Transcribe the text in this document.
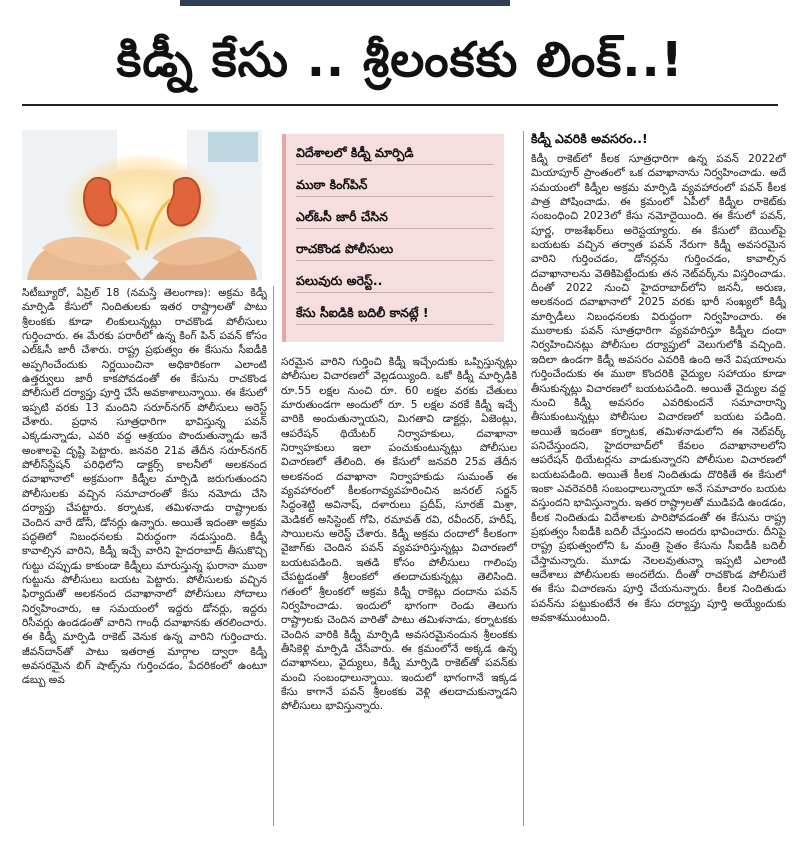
కిడ్నీ కేసు .. శ్రీలంకకు లింక్..!
విదేశాలలో కిడ్నీ మార్పిడి
ముఠా కింగ్‌పిన్
ఎల్‌ఓసీ జారీ చేసిన
రాచకొండ పోలీసులు
పలువురు అరెస్ట్..
కేసు సీఐడికి బదిలీ కానట్లే !

సిటీబ్యూరో, ఏప్రిల్ 18 (నమస్తే తెలంగాణ): అక్రమ కిడ్నీ మార్పిడి కేసులో నిందితులకు ఇతర రాష్ట్రాలతో పాటు శ్రీలంకకు కూడా లింకులున్నట్లు రాచకొండ పోలీసులు గుర్తించారు. ఈ మేరకు పరారీలో ఉన్న కింగ్ పిన్ పవన్ కోసం ఎల్‌ఓసీ జారీ చేశారు. రాష్ట్ర ప్రభుత్వం ఈ కేసును సీఐడీకి అప్పగించేందుకు నిర్ణయించినా అధికారికంగా ఎలాంటి ఉత్తర్వులు జారీ కాకపోవడంతో ఈ కేసును రాచకొండ పోలీసులే దర్యాప్తు పూర్తి చేసే అవకాశాలున్నాయి. ఈ కేసులో ఇప్పటి వరకు 13 మందిని సరూర్‌నగర్ పోలీసులు అరెస్ట్ చేశారు. ప్రధాన సూత్రధారిగా భావిస్తున్న పవన్ ఎక్కడున్నాడు, ఎవరి వద్ద ఆశ్రయం పొందుతున్నాడు అనే అంశాలపై దృష్టి పెట్టారు. జనవరి 21వ తేదీన సరూర్‌నగర్ పోలీస్‌స్టేషన్ పరిధిలోని డాక్టర్స్ కాలనీలో అలకనంద దవాఖానాలో అక్రమంగా కిడ్నీల మార్పిడి జరుగుతుందని పోలీసులకు వచ్చిన సమాచారంతో కేసు నమోదు చేసి దర్యాప్తు చేపట్టారు. కర్నాటక, తమిళనాడు రాష్ట్రాలకు చెందిన వారే డోనీ, డోనర్లు ఉన్నారు. అయితే ఇదంతా అక్రమ పద్ధతిలో నిబంధనలకు విరుద్ధంగా నడుస్తుంది. కిడ్నీ కావాల్సిన వారిని, కిడ్నీ ఇచ్చే వారిని హైదరాబాద్ తీసుకొచ్చి గుట్టు చప్పుడు కాకుండా కిడ్నీలు మారుస్తున్న ఘరానా ముఠా గుట్టును పోలీసులు బయట పెట్టారు. పోలీసులకు వచ్చిన ఫిర్యాదుతో అలకనంద దవాఖానాలో పోలీసులు సోదాలు నిర్వహించారు, ఆ సమయంలో ఇద్దరు డోనర్లు, ఇద్దరు రిసీవర్లు ఉండడంతో వారిని గాంధీ దవాఖానకు తరలించారు. ఈ కిడ్నీ మార్పిడి రాకెట్ వెనుక ఉన్న వారిని గుర్తించారు. జీవన్‌దాన్‌తో పాటు ఇతరాత్ర మార్గాల ద్వారా కిడ్నీ అవసరమైన బిగ్ షాట్స్‌ను గుర్తించడం, పేదరికంలో ఉంటూ డబ్బు అవ

సరమైన వారిని గుర్తించి కిడ్నీ ఇచ్చేందుకు ఒప్పిస్తున్నట్లు పోలీసుల విచారణలో వెల్లడయ్యింది. ఒకో కిడ్నీ మార్పిడికి రూ.55 లక్షల నుంచి రూ. 60 లక్షల వరకు చేతులు మారుతుండగా అందులో రూ. 5 లక్షల వరకే కిడ్నీ ఇచ్చే వారికి అందుతున్నాయని, మిగతావి డాక్టర్లు, ఏజెంట్లు, ఆపరేషన్ థియేటర్ నిర్వాహకులు, దవాఖానా నిర్వాహకులు ఇలా పంచుకుంటున్నట్లు పోలీసుల విచారణలో తేలింది. ఈ కేసులో జనవరి 25వ తేదీన అలకనంద దవాఖానా నిర్వాహకుడు సుమంత్ ఈ వ్యవహారంలో కీలకంగావ్యవహరించిన జనరల్ సర్జన్ సిద్ధంశెట్టి అవినాష్, దళారులు ప్రదీప్, సూరజ్ మిశ్రా, మెడికల్ అసిస్టెంట్ గోపి, రమావత్ రవి, రవీందర్, హరీష్, సాయిలను అరెస్ట్ చేశారు. కిడ్నీ అక్రమ దందాలో కీలకంగా వైజాగ్‌కు చెందిన పవన్ వ్యవహరిస్తున్నట్లు విచారణలో బయటపడింది. ఇతడి కోసం పోలీసులు గాలింపు చేపట్టడంతో శ్రీలంకలో తలదాచుకున్నట్లు తెలిసింది. గతంలో శ్రీలంకలో అక్రమ కిడ్నీ రాకెట్లు దందాను పవన్ నిర్వహించాడు. ఇందులో భాగంగా రెండు తెలుగు రాష్ట్రాలకు చెందిన వారితో పాటు తమిళనాడు, కర్నాటకకు చెందిన వారికి కిడ్నీ మార్పిడి అవసరమైనందున శ్రీలంకకు తీసికెళ్లి మార్పిడి చేసేవారు. ఈ క్రమంలోనే అక్కడ ఉన్న దవాఖానలు, వైద్యులు, కిడ్నీ మార్పిడి రాకెట్‌తో పవన్‌కు మంచి సంబంధాలున్నాయి. ఇందులో భాగంగానే ఇక్కడ కేసు కాగానే పవన్ శ్రీలంకకు వెళ్లి తలదాచుకున్నాడని పోలీసులు భావిస్తున్నారు.

కిడ్నీ ఎవరికి అవసరం..!

కిడ్నీ రాకెట్‌లో కీలక సూత్రధారిగా ఉన్న పవన్ 2022లో మియాపూర్ ప్రాంతంలో ఒక దవాఖానాను నిర్వహించాడు. అదే సమయంలో కిడ్నీల అక్రమ మార్పిడి వ్యవహారంలో పవన్ కీలక పాత్ర పోషించాడు. ఈ క్రమంలో ఏపీలో కిడ్నీల రాకెట్‌కు సంబంధించి 2023లో కేసు నమోదైయింది. ఈ కేసులో పవన్, పూర్ణ, రాజశేఖర్‌లు అరెస్టయ్యారు. ఈ కేసులో బెయిల్‌పై బయటకు వచ్చిన తర్వాత పవన్ నేరుగా కిడ్నీ అవసరమైన వారిని గుర్తించడం, డోనర్లను గుర్తించడం, కావాల్సిన దవాఖానాలను వెతికిపెట్టేందుకు తన నెట్‌వర్క్‌ను విస్తరించాడు. దీంతో 2022 నుంచి హైదరాబాద్‌లోని జననీ, అరుణ, అలకనంద దవాఖానాలో 2025 వరకు భారీ సంఖ్యలో కిడ్నీ మార్పిడీలు నిబంధనలకు విరుద్ధంగా నిర్వహించారు. ఈ ముఠాలకు పవన్ సూత్రధారిగా వ్యవహరిస్తూ కిడ్నీల దందా నిర్వహించినట్లు పోలీసుల దర్యాప్తులో వెలుగులోకి వచ్చింది. ఇదిలా ఉండగా కిడ్నీ అవసరం ఎవరికి ఉంది అనే విషయాలను గుర్తించేందుకు ఈ ముఠా కొందరికి వైద్యుల సహాయం కూడా తీసుకున్నట్లు విచారణలో బయటపడింది. అయితే వైద్యుల వద్ద నుంచి కిడ్నీ అవసరం ఎవరికుందనే సమాచారాన్ని తీసుకుంటున్నట్లు పోలీసుల విచారణలో బయట పడింది. అయితే ఇదంతా కర్నాటక, తమిళనాడులోని ఈ నెట్‌వర్క్ పనిచేస్తుందని, హైదరాబాద్‌లో కేవలం దవాఖానాలలోని ఆపరేషన్ థియేటర్లను వాడుకున్నారని పోలీసుల విచారణలో బయటపడింది. అయితే కీలక నిందితుడు దొరికితే ఈ కేసులో ఇంకా ఎవరెవరికి సంబంధాలున్నాయా అనే సమాచారం బయట వస్తుందని భావిస్తున్నారు. ఇతర రాష్ట్రాలతో ముడిపడి ఉండడం, కీలక నిందితుడు విదేశాలకు పారిపోవడంతో ఈ కేసును రాష్ట్ర ప్రభుత్వం సీఐడీకి బదిలీ చేస్తుందని అందరు భావించారు. దీనిపై రాష్ట్ర ప్రభుత్వంలోని ఓ మంత్రి సైతం కేసును సీఐడీకి బదిలీ చేస్తామన్నారు. మూడు నెలలవుతున్నా ఇప్పటి ఎలాంటి ఆదేశాలు పోలీసులకు అందలేదు. దీంతో రాచకొండ పోలీసులే ఈ కేసు విచారణను పూర్తి చేయనున్నారు. కీలక నిందితుడు పవన్‌ను పట్టుకుంటేనే ఈ కేసు దర్యాప్తు పూర్తి అయ్యేందుకు అవకాశముంటుంది.
